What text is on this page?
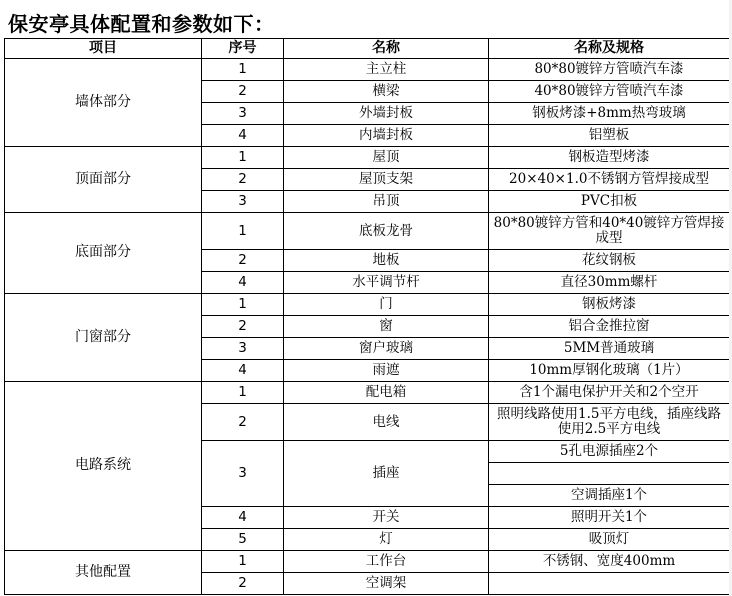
保安亭具体配置和参数如下：
项目	序号	名称	名称及规格
墙体部分	1	主立柱	80*80镀锌方管喷汽车漆
	2	横梁	40*80镀锌方管喷汽车漆
	3	外墙封板	钢板烤漆+8mm热弯玻璃
	4	内墙封板	铝塑板
顶面部分	1	屋顶	钢板造型烤漆
	2	屋顶支架	20×40×1.0不锈钢方管焊接成型
	3	吊顶	PVC扣板
底面部分	1	底板龙骨	80*80镀锌方管和40*40镀锌方管焊接成型
	2	地板	花纹钢板
	4	水平调节杆	直径30mm螺杆
门窗部分	1	门	钢板烤漆
	2	窗	铝合金推拉窗
	3	窗户玻璃	5MM普通玻璃
	4	雨遮	10mm厚钢化玻璃（1片）
电路系统	1	配电箱	含1个漏电保护开关和2个空开
	2	电线	照明线路使用1.5平方电线，插座线路使用2.5平方电线
	3	插座	5孔电源插座2个

			空调插座1个
	4	开关	照明开关1个
	5	灯	吸顶灯
其他配置	1	工作台	不锈钢、宽度400mm
	2	空调架	
